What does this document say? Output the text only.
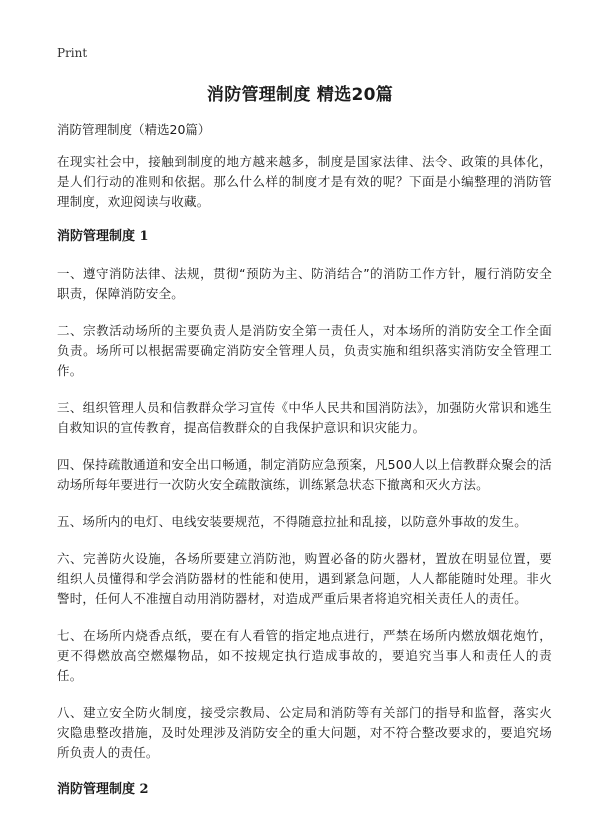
Print
消防管理制度 精选20篇

消防管理制度（精选20篇）

在现实社会中，接触到制度的地方越来越多，制度是国家法律、法令、政策的具体化，是人们行动的准则和依据。那么什么样的制度才是有效的呢？下面是小编整理的消防管理制度，欢迎阅读与收藏。

消防管理制度 1

一、遵守消防法律、法规，贯彻“预防为主、防消结合”的消防工作方针，履行消防安全职责，保障消防安全。

二、宗教活动场所的主要负责人是消防安全第一责任人，对本场所的消防安全工作全面负责。场所可以根据需要确定消防安全管理人员，负责实施和组织落实消防安全管理工作。

三、组织管理人员和信教群众学习宣传《中华人民共和国消防法》，加强防火常识和逃生自救知识的宣传教育，提高信教群众的自我保护意识和识灾能力。

四、保持疏散通道和安全出口畅通，制定消防应急预案，凡500人以上信教群众聚会的活动场所每年要进行一次防火安全疏散演练，训练紧急状态下撤离和灭火方法。

五、场所内的电灯、电线安装要规范，不得随意拉扯和乱接，以防意外事故的发生。

六、完善防火设施，各场所要建立消防池，购置必备的防火器材，置放在明显位置，要组织人员懂得和学会消防器材的性能和使用，遇到紧急问题，人人都能随时处理。非火警时，任何人不准擅自动用消防器材，对造成严重后果者将追究相关责任人的责任。

七、在场所内烧香点纸，要在有人看管的指定地点进行，严禁在场所内燃放烟花炮竹，更不得燃放高空燃爆物品，如不按规定执行造成事故的，要追究当事人和责任人的责任。

八、建立安全防火制度，接受宗教局、公定局和消防等有关部门的指导和监督，落实火灾隐患整改措施，及时处理涉及消防安全的重大问题，对不符合整改要求的，要追究场所负责人的责任。

消防管理制度 2
